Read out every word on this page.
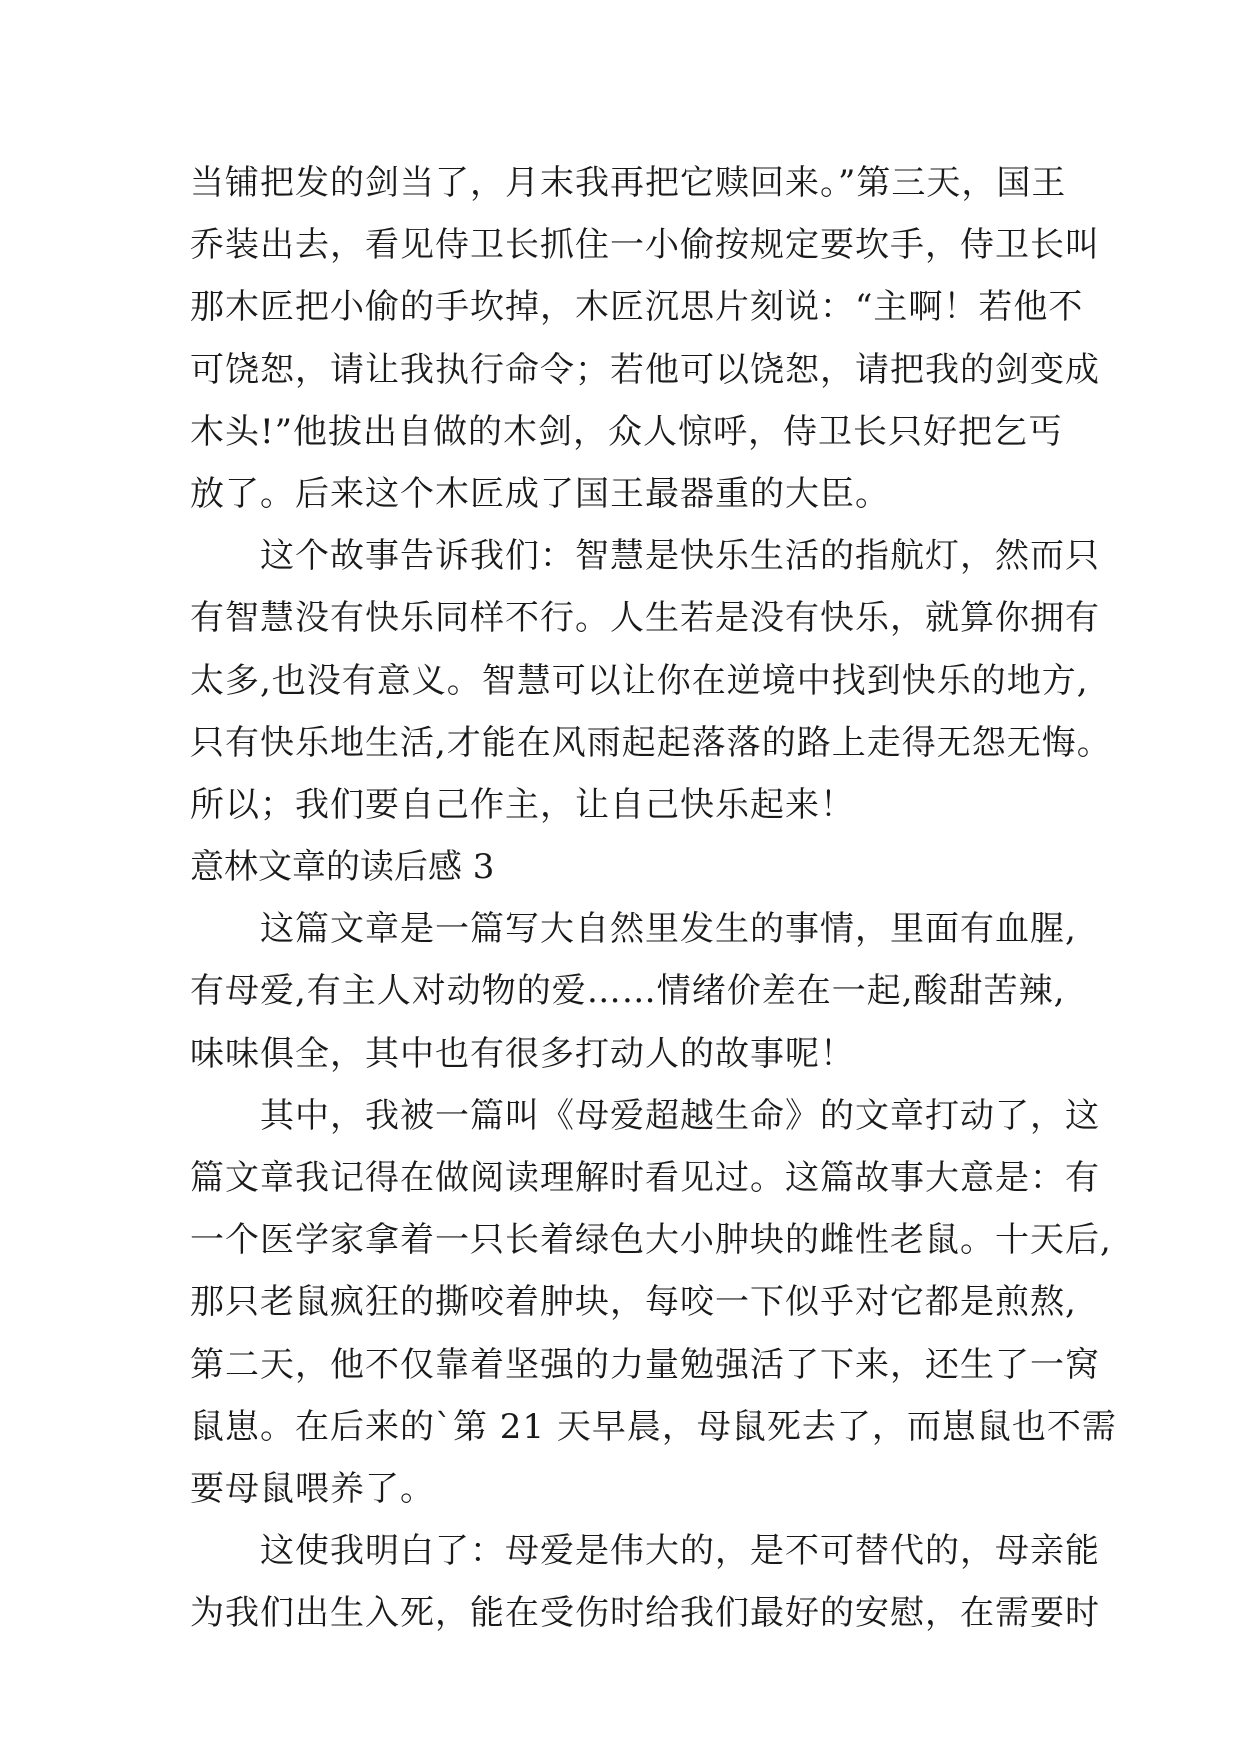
当铺把发的剑当了，月末我再把它赎回来。”第三天，国王
乔装出去，看见侍卫长抓住一小偷按规定要坎手，侍卫长叫
那木匠把小偷的手坎掉，木匠沉思片刻说：“主啊！若他不
可饶恕，请让我执行命令；若他可以饶恕，请把我的剑变成
木头!”他拔出自做的木剑，众人惊呼，侍卫长只好把乞丐
放了。后来这个木匠成了国王最器重的大臣。
　　这个故事告诉我们：智慧是快乐生活的指航灯，然而只
有智慧没有快乐同样不行。人生若是没有快乐，就算你拥有
太多,也没有意义。智慧可以让你在逆境中找到快乐的地方,
只有快乐地生活,才能在风雨起起落落的路上走得无怨无悔。
所以；我们要自己作主，让自己快乐起来！
意林文章的读后感 3
　　这篇文章是一篇写大自然里发生的事情，里面有血腥,
有母爱,有主人对动物的爱……情绪价差在一起,酸甜苦辣,
味味俱全，其中也有很多打动人的故事呢！
　　其中，我被一篇叫《母爱超越生命》的文章打动了，这
篇文章我记得在做阅读理解时看见过。这篇故事大意是：有
一个医学家拿着一只长着绿色大小肿块的雌性老鼠。十天后,
那只老鼠疯狂的撕咬着肿块，每咬一下似乎对它都是煎熬,
第二天，他不仅靠着坚强的力量勉强活了下来，还生了一窝
鼠崽。在后来的`第 21 天早晨，母鼠死去了，而崽鼠也不需
要母鼠喂养了。
　　这使我明白了：母爱是伟大的，是不可替代的，母亲能
为我们出生入死，能在受伤时给我们最好的安慰，在需要时
